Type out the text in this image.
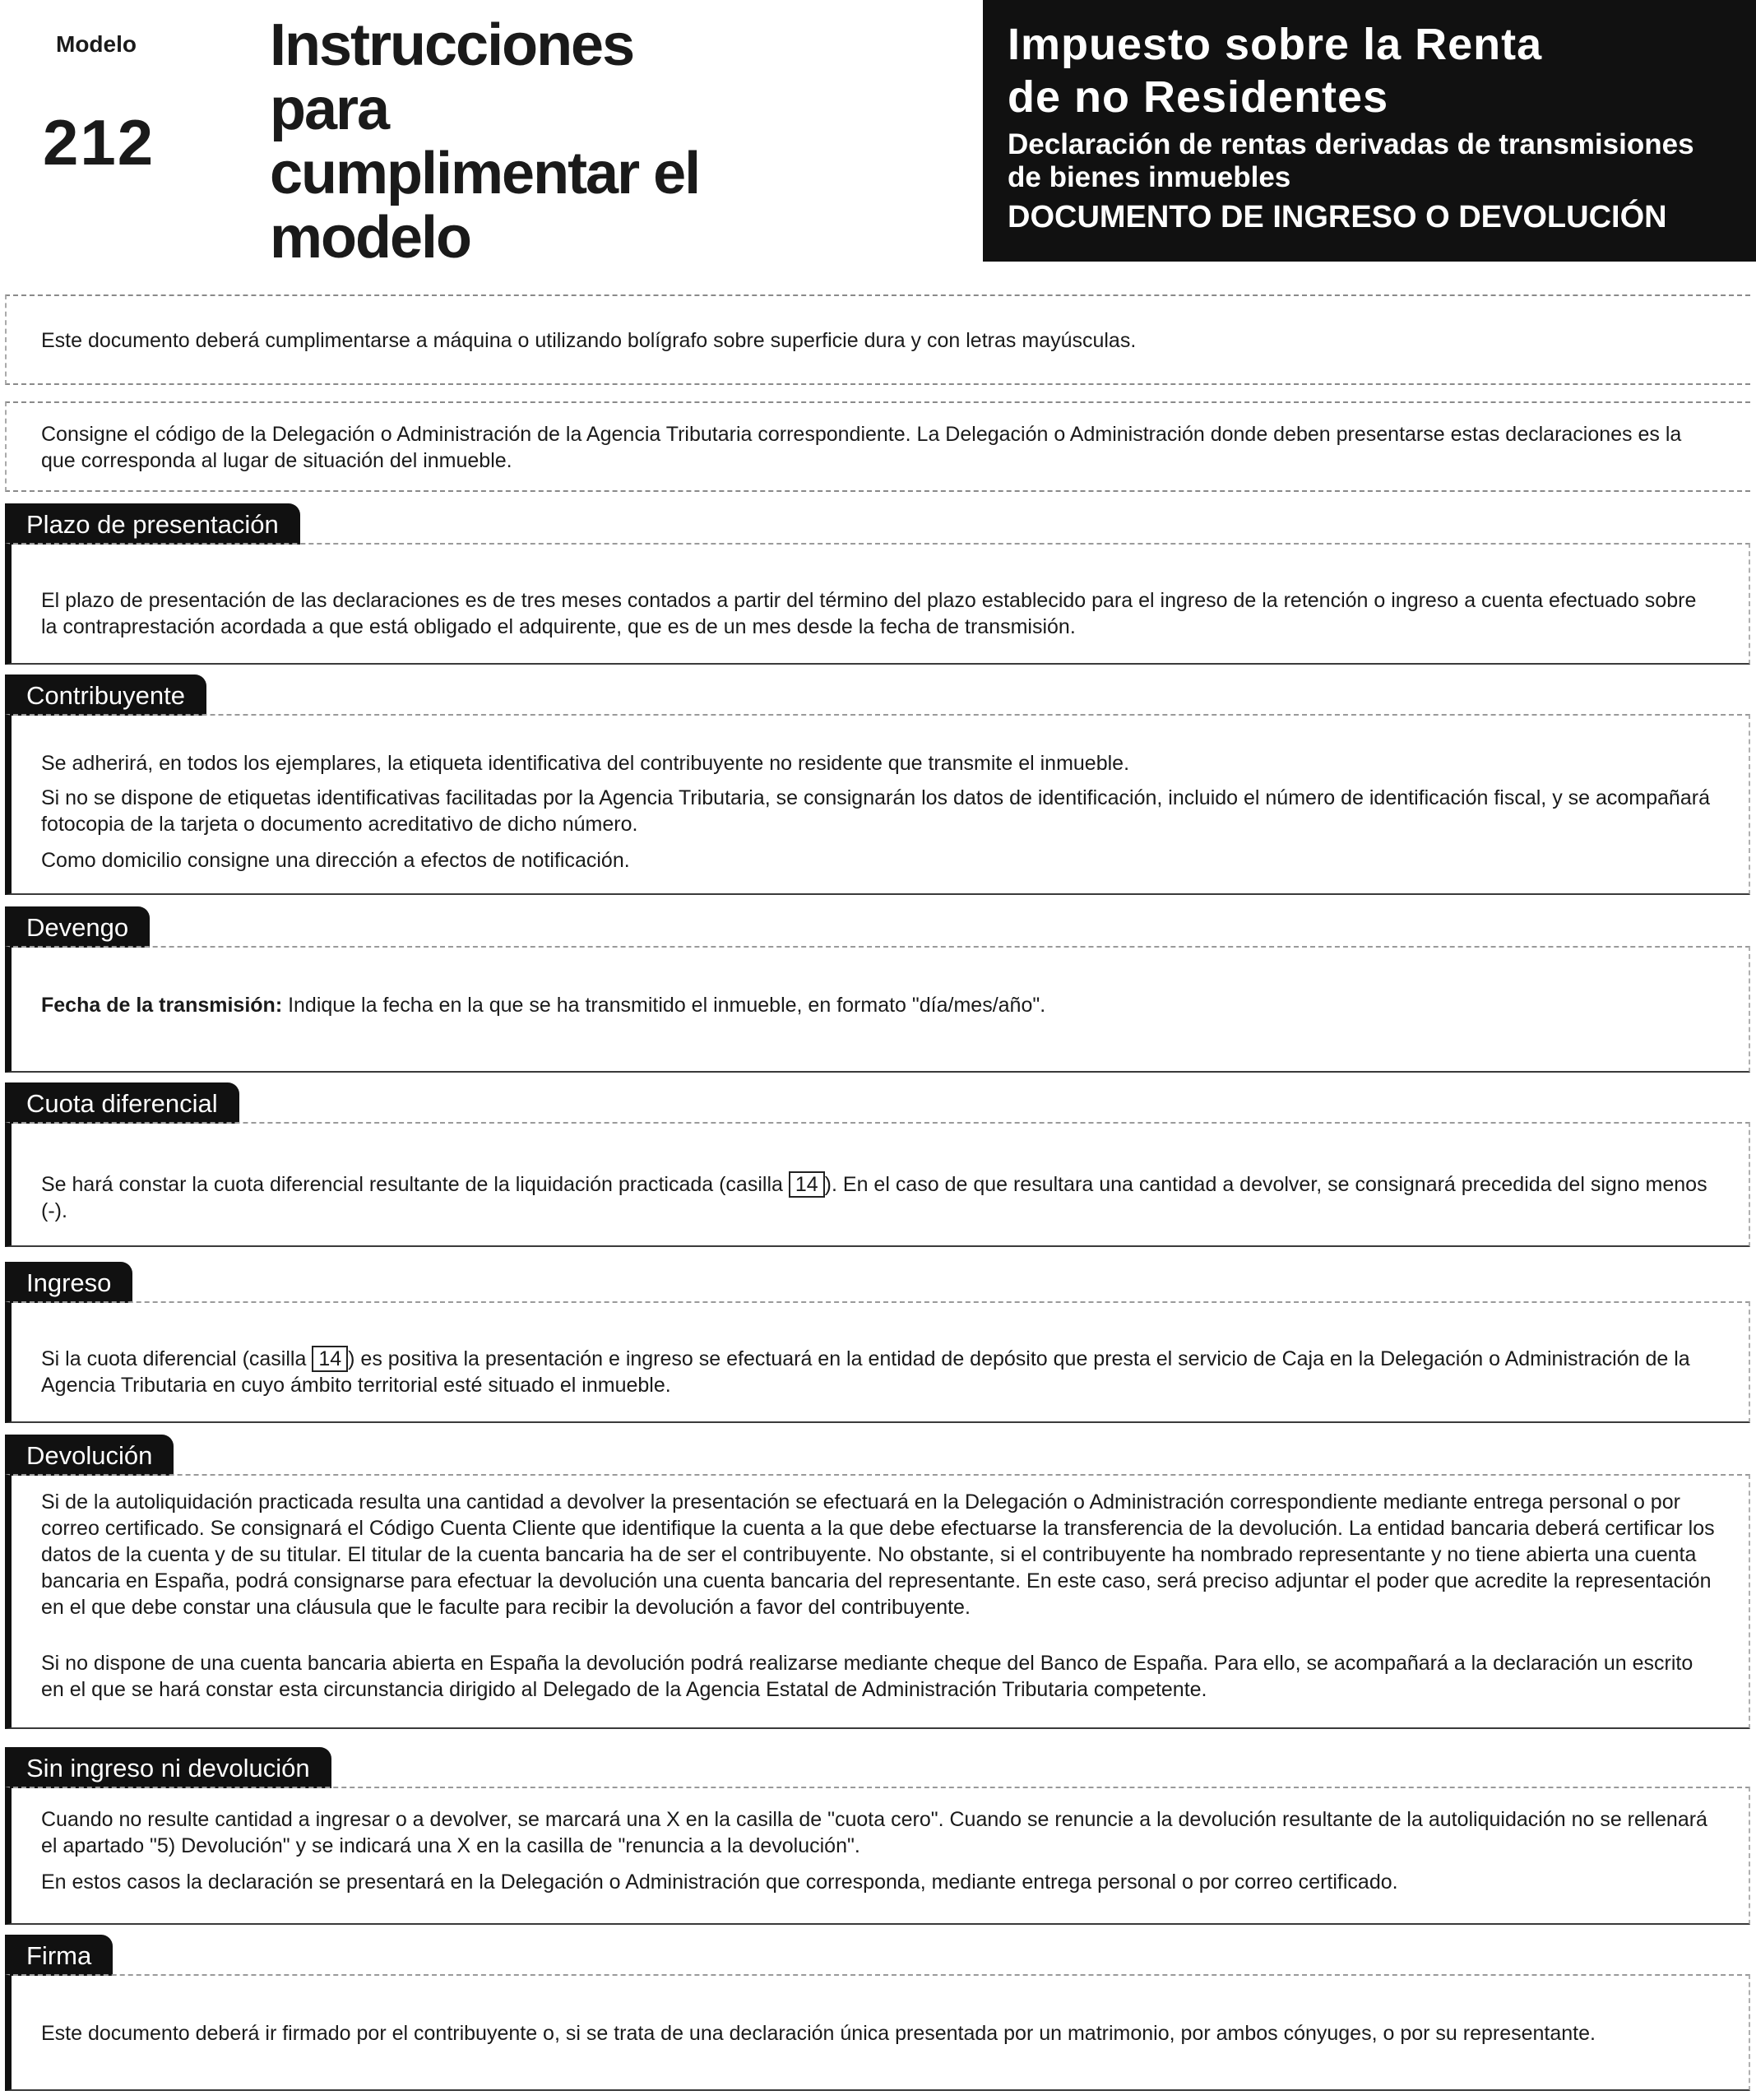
Modelo
212
Instrucciones para cumplimentar el modelo
Impuesto sobre la Renta
de no Residentes
Declaración de rentas derivadas de transmisiones de bienes inmuebles
DOCUMENTO DE INGRESO O DEVOLUCIÓN

Este documento deberá cumplimentarse a máquina o utilizando bolígrafo sobre superficie dura y con letras mayúsculas.

Consigne el código de la Delegación o Administración de la Agencia Tributaria correspondiente. La Delegación o Administración donde deben presentarse estas declaraciones es la que corresponda al lugar de situación del inmueble.

Plazo de presentación

El plazo de presentación de las declaraciones es de tres meses contados a partir del término del plazo establecido para el ingreso de la retención o ingreso a cuenta efectuado sobre la contraprestación acordada a que está obligado el adquirente, que es de un mes desde la fecha de transmisión.

Contribuyente

Se adherirá, en todos los ejemplares, la etiqueta identificativa del contribuyente no residente que transmite el inmueble.

Si no se dispone de etiquetas identificativas facilitadas por la Agencia Tributaria, se consignarán los datos de identificación, incluido el número de identificación fiscal, y se acompañará fotocopia de la tarjeta o documento acreditativo de dicho número.

Como domicilio consigne una dirección a efectos de notificación.

Devengo

Fecha de la transmisión: Indique la fecha en la que se ha transmitido el inmueble, en formato "día/mes/año".

Cuota diferencial

Se hará constar la cuota diferencial resultante de la liquidación practicada (casilla 14 ). En el caso de que resultara una cantidad a devolver, se consignará precedida del signo menos (-).

Ingreso

Si la cuota diferencial (casilla 14 ) es positiva la presentación e ingreso se efectuará en la entidad de depósito que presta el servicio de Caja en la Delegación o Administración de la Agencia Tributaria en cuyo ámbito territorial esté situado el inmueble.

Devolución

Si de la autoliquidación practicada resulta una cantidad a devolver la presentación se efectuará en la Delegación o Administración correspondiente mediante entrega personal o por correo certificado. Se consignará el Código Cuenta Cliente que identifique la cuenta a la que debe efectuarse la transferencia de la devolución. La entidad bancaria deberá certificar los datos de la cuenta y de su titular. El titular de la cuenta bancaria ha de ser el contribuyente. No obstante, si el contribuyente ha nombrado representante y no tiene abierta una cuenta bancaria en España, podrá consignarse para efectuar la devolución una cuenta bancaria del representante. En este caso, será preciso adjuntar el poder que acredite la representación en el que debe constar una cláusula que le faculte para recibir la devolución a favor del contribuyente.

Si no dispone de una cuenta bancaria abierta en España la devolución podrá realizarse mediante cheque del Banco de España. Para ello, se acompañará a la declaración un escrito en el que se hará constar esta circunstancia dirigido al Delegado de la Agencia Estatal de Administración Tributaria competente.

Sin ingreso ni devolución

Cuando no resulte cantidad a ingresar o a devolver, se marcará una X en la casilla de "cuota cero". Cuando se renuncie a la devolución resultante de la autoliquidación no se rellenará el apartado "5) Devolución" y se indicará una X en la casilla de "renuncia a la devolución".

En estos casos la declaración se presentará en la Delegación o Administración que corresponda, mediante entrega personal o por correo certificado.

Firma

Este documento deberá ir firmado por el contribuyente o, si se trata de una declaración única presentada por un matrimonio, por ambos cónyuges, o por su representante.
